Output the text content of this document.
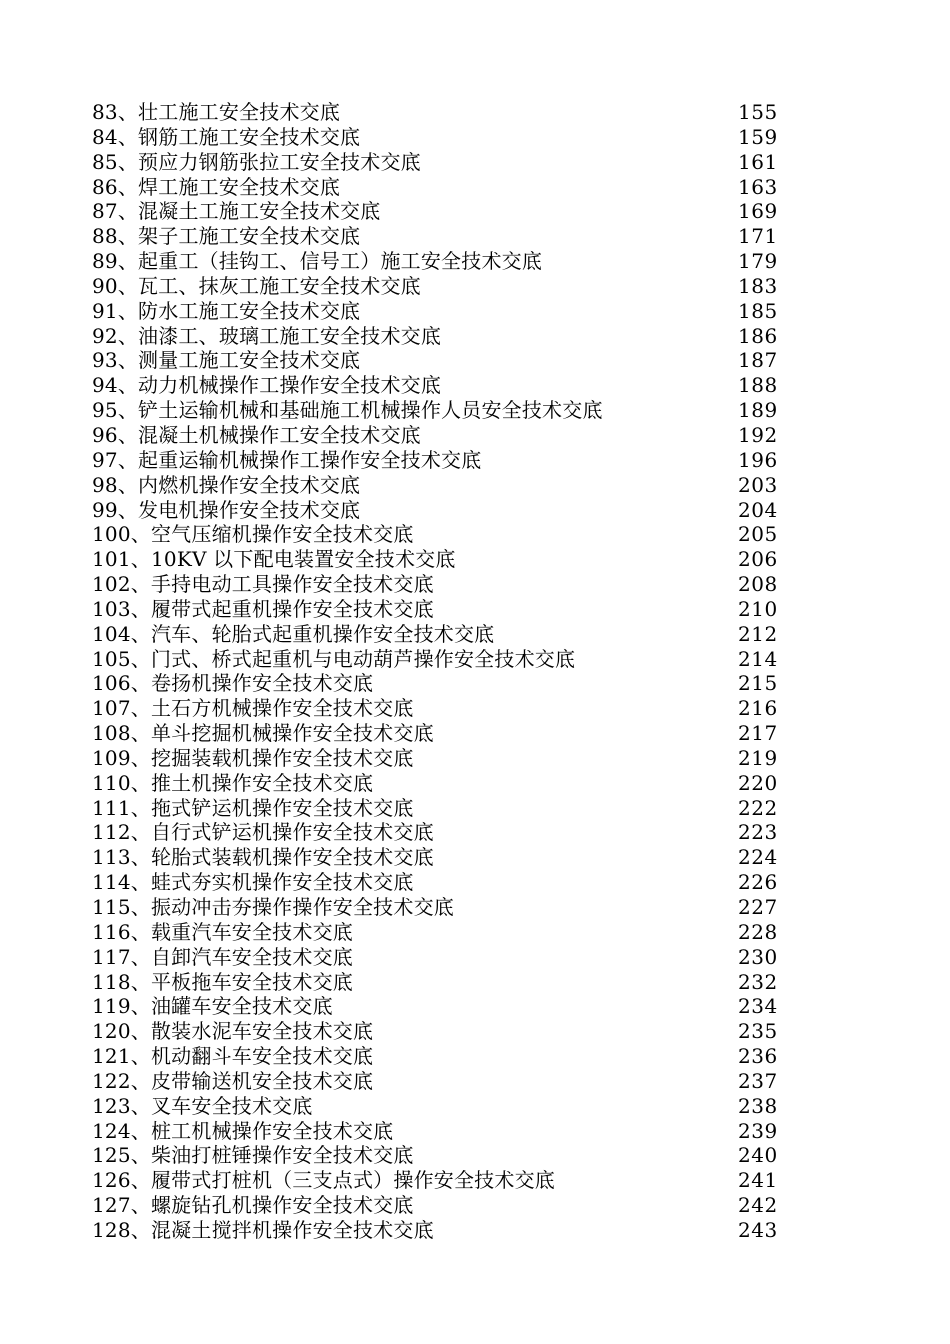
83、壮工施工安全技术交底	155
84、钢筋工施工安全技术交底	159
85、预应力钢筋张拉工安全技术交底	161
86、焊工施工安全技术交底	163
87、混凝土工施工安全技术交底	169
88、架子工施工安全技术交底	171
89、起重工（挂钩工、信号工）施工安全技术交底	179
90、瓦工、抹灰工施工安全技术交底	183
91、防水工施工安全技术交底	185
92、油漆工、玻璃工施工安全技术交底	186
93、测量工施工安全技术交底	187
94、动力机械操作工操作安全技术交底	188
95、铲土运输机械和基础施工机械操作人员安全技术交底	189
96、混凝土机械操作工安全技术交底	192
97、起重运输机械操作工操作安全技术交底	196
98、内燃机操作安全技术交底	203
99、发电机操作安全技术交底	204
100、空气压缩机操作安全技术交底	205
101、10KV 以下配电装置安全技术交底	206
102、手持电动工具操作安全技术交底	208
103、履带式起重机操作安全技术交底	210
104、汽车、轮胎式起重机操作安全技术交底	212
105、门式、桥式起重机与电动葫芦操作安全技术交底	214
106、卷扬机操作安全技术交底	215
107、土石方机械操作安全技术交底	216
108、单斗挖掘机械操作安全技术交底	217
109、挖掘装载机操作安全技术交底	219
110、推土机操作安全技术交底	220
111、拖式铲运机操作安全技术交底	222
112、自行式铲运机操作安全技术交底	223
113、轮胎式装载机操作安全技术交底	224
114、蛙式夯实机操作安全技术交底	226
115、振动冲击夯操作操作安全技术交底	227
116、载重汽车安全技术交底	228
117、自卸汽车安全技术交底	230
118、平板拖车安全技术交底	232
119、油罐车安全技术交底	234
120、散装水泥车安全技术交底	235
121、机动翻斗车安全技术交底	236
122、皮带输送机安全技术交底	237
123、叉车安全技术交底	238
124、桩工机械操作安全技术交底	239
125、柴油打桩锤操作安全技术交底	240
126、履带式打桩机（三支点式）操作安全技术交底	241
127、螺旋钻孔机操作安全技术交底	242
128、混凝土搅拌机操作安全技术交底	243
